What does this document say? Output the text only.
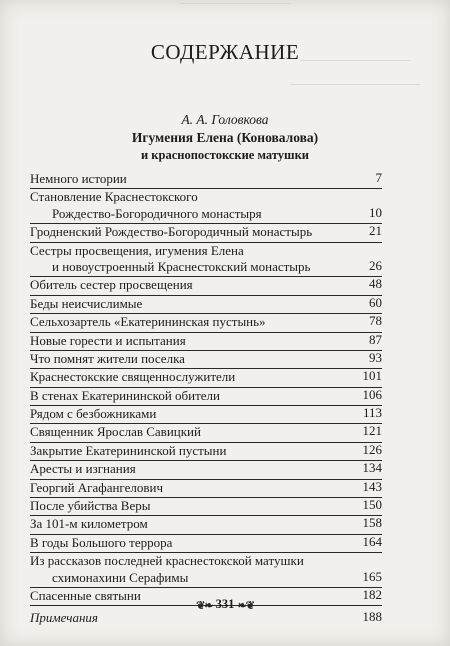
СОДЕРЖАНИЕ
А. А. Головкова
Игумения Елена (Коновалова)
и краснопостокские матушки
Немного истории	7
Становление Краснестокского
Рождество-Богородичного монастыря	10
Гродненский Рождество-Богородичный монастырь	21
Сестры просвещения, игумения Елена
и новоустроенный Краснестокский монастырь	26
Обитель сестер просвещения	48
Беды неисчислимые	60
Сельхозартель «Екатерининская пустынь»	78
Новые горести и испытания	87
Что помнят жители поселка	93
Краснестокские священнослужители	101
В стенах Екатерининской обители	106
Рядом с безбожниками	113
Священник Ярослав Савицкий	121
Закрытие Екатерининской пустыни	126
Аресты и изгнания	134
Георгий Агафангелович	143
После убийства Веры	150
За 101-м километром	158
В годы Большого террора	164
Из рассказов последней краснестокской матушки
схимонахини Серафимы	165
Спасенные святыни	182
Примечания	188
❦❧ 331 ❧❦
